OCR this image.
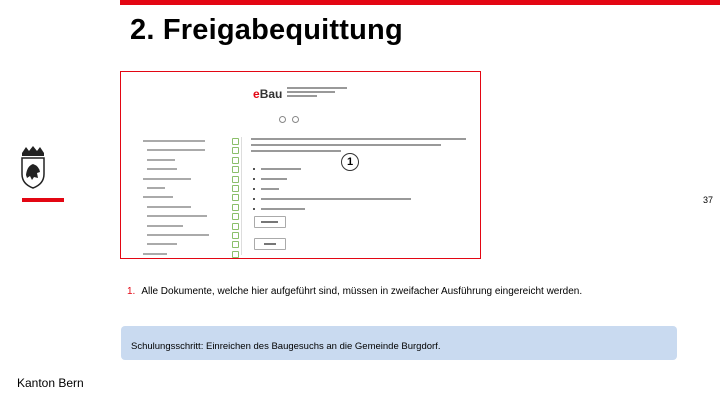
2. Freigabequittung
37
eBau
1
1. Alle Dokumente, welche hier aufgeführt sind, müssen in zweifacher Ausführung eingereicht werden.
Schulungsschritt: Einreichen des Baugesuchs an die Gemeinde Burgdorf.
Kanton Bern
